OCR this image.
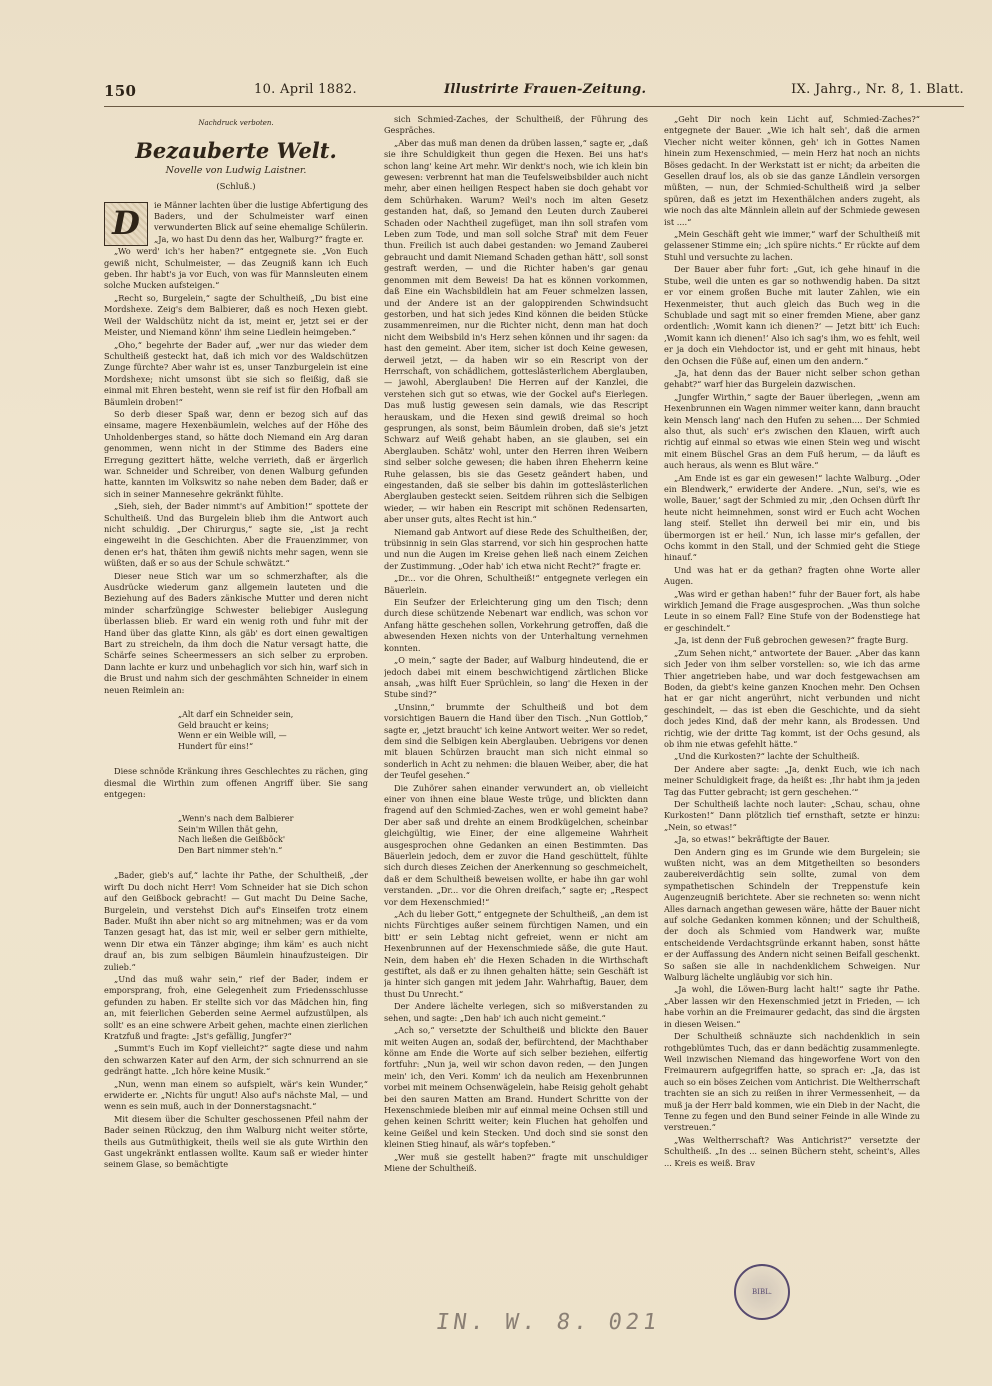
150	10. April 1882.	Illustrirte Frauen-Zeitung.	IX. Jahrg., Nr. 8, 1. Blatt.
Nachdruck verboten.
Bezauberte Welt.
Novelle von Ludwig Laistner.
(Schluß.)
D	ie Männer lachten über die lustige Abfertigung des Baders, und der Schulmeister warf einen verwunderten Blick auf seine ehemalige Schülerin. „Ja, wo hast Du denn das her, Walburg?“ fragte er.

„Wo werd' ich's her haben?“ entgegnete sie. „Von Euch gewiß nicht, Schulmeister, — das Zeugniß kann ich Euch geben. Ihr habt's ja vor Euch, von was für Mannsleuten einem solche Mucken aufsteigen.“

„Recht so, Burgelein,“ sagte der Schultheiß, „Du bist eine Mordshexe. Zeig's dem Balbierer, daß es noch Hexen giebt. Weil der Waldschütz nicht da ist, meint er, jetzt sei er der Meister, und Niemand könn' ihm seine Liedlein heimgeben.“

„Oho,“ begehrte der Bader auf, „wer nur das wieder dem Schultheiß gesteckt hat, daß ich mich vor des Waldschützen Zunge fürchte? Aber wahr ist es, unser Tanzburgelein ist eine Mordshexe; nicht umsonst übt sie sich so fleißig, daß sie einmal mit Ehren besteht, wenn sie reif ist für den Hofball am Bäumlein droben!“

So derb dieser Spaß war, denn er bezog sich auf das einsame, magere Hexenbäumlein, welches auf der Höhe des Unholdenberges stand, so hätte doch Niemand ein Arg daran genommen, wenn nicht in der Stimme des Baders eine Erregung gezittert hätte, welche verrieth, daß er ärgerlich war. Schneider und Schreiber, von denen Walburg gefunden hatte, kannten im Volkswitz so nahe neben dem Bader, daß er sich in seiner Mannesehre gekränkt fühlte.

„Sieh, sieh, der Bader nimmt's auf Ambition!“ spottete der Schultheiß. Und das Burgelein blieb ihm die Antwort auch nicht schuldig. „Der Chirurgus,“ sagte sie, „ist ja recht eingeweiht in die Geschichten. Aber die Frauenzimmer, von denen er's hat, thäten ihm gewiß nichts mehr sagen, wenn sie wüßten, daß er so aus der Schule schwätzt.“

Dieser neue Stich war um so schmerzhafter, als die Ausdrücke wiederum ganz allgemein lauteten und die Beziehung auf des Baders zänkische Mutter und deren nicht minder scharfzüngige Schwester beliebiger Auslegung überlassen blieb. Er ward ein wenig roth und fuhr mit der Hand über das glatte Kinn, als gäb' es dort einen gewaltigen Bart zu streicheln, da ihm doch die Natur versagt hatte, die Schärfe seines Scheermessers an sich selber zu erproben. Dann lachte er kurz und unbehaglich vor sich hin, warf sich in die Brust und nahm sich der geschmähten Schneider in einem neuen Reimlein an:

„Alt darf ein Schneider sein,
Geld braucht er keins;
Wenn er ein Weible will, —
Hundert für eins!“

Diese schnöde Kränkung ihres Geschlechtes zu rächen, ging diesmal die Wirthin zum offenen Angriff über. Sie sang entgegen:

„Wenn's nach dem Balbierer
Sein'm Willen thät gehn,
Nach ließen die Geißböck'
Den Bart nimmer steh'n.“

„Bader, gieb's auf,“ lachte ihr Pathe, der Schultheiß, „der wirft Du doch nicht Herr! Vom Schneider hat sie Dich schon auf den Geißbock gebracht! — Gut macht Du Deine Sache, Burgelein, und verstehst Dich auf's Einseifen trotz einem Bader. Mußt ihn aber nicht so arg mitnehmen; was er da vom Tanzen gesagt hat, das ist mir, weil er selber gern mithielte, wenn Dir etwa ein Tänzer abginge; ihm käm' es auch nicht drauf an, bis zum selbigen Bäumlein hinaufzusteigen. Dir zulieb.“

„Und das muß wahr sein,“ rief der Bader, indem er emporsprang, froh, eine Gelegenheit zum Friedensschlusse gefunden zu haben. Er stellte sich vor das Mädchen hin, fing an, mit feierlichen Geberden seine Aermel aufzustülpen, als sollt' es an eine schwere Arbeit gehen, machte einen zierlichen Kratzfuß und fragte: „Jst's gefällig, Jungfer?“

„Summt's Euch im Kopf vielleicht?“ sagte diese und nahm den schwarzen Kater auf den Arm, der sich schnurrend an sie gedrängt hatte. „Ich höre keine Musik.“

„Nun, wenn man einem so aufspielt, wär's kein Wunder,“ erwiderte er. „Nichts für ungut! Also auf's nächste Mal, — und wenn es sein muß, auch in der Donnerstagsnacht.“

Mit diesem über die Schulter geschossenen Pfeil nahm der Bader seinen Rückzug, den ihm Walburg nicht weiter störte, theils aus Gutmüthigkeit, theils weil sie als gute Wirthin den Gast ungekränkt entlassen wollte. Kaum saß er wieder hinter seinem Glase, so bemächtigte

sich Schmied-Zaches, der Schultheiß, der Führung des Gespräches.

„Aber das muß man denen da drüben lassen,“ sagte er, „daß sie ihre Schuldigkeit thun gegen die Hexen. Bei uns hat's schon lang' keine Art mehr. Wir denkt's noch, wie ich klein bin gewesen: verbrennt hat man die Teufelsweibsbilder auch nicht mehr, aber einen heiligen Respect haben sie doch gehabt vor dem Schürhaken. Warum? Weil's noch im alten Gesetz gestanden hat, daß, so Jemand den Leuten durch Zauberei Schaden oder Nachtheil zugefüget, man ihn soll strafen vom Leben zum Tode, und man soll solche Straf' mit dem Feuer thun. Freilich ist auch dabei gestanden: wo Jemand Zauberei gebraucht und damit Niemand Schaden gethan hätt', soll sonst gestraft werden, — und die Richter haben's gar genau genommen mit dem Beweis! Da hat es können vorkommen, daß Eine ein Wachsbildlein hat am Feuer schmelzen lassen, und der Andere ist an der galoppirenden Schwindsucht gestorben, und hat sich jedes Kind können die beiden Stücke zusammenreimen, nur die Richter nicht, denn man hat doch nicht dem Weibsbild in's Herz sehen können und ihr sagen: da hast den gemeint. Aber item, sicher ist doch Keine gewesen, derweil jetzt, — da haben wir so ein Rescript von der Herrschaft, von schädlichem, gotteslästerlichem Aberglauben, — jawohl, Aberglauben! Die Herren auf der Kanzlei, die verstehen sich gut so etwas, wie der Gockel auf's Eierlegen. Das muß lustig gewesen sein damals, wie das Rescript herauskam, und die Hexen sind gewiß dreimal so hoch gesprungen, als sonst, beim Bäumlein droben, daß sie's jetzt Schwarz auf Weiß gehabt haben, an sie glauben, sei ein Aberglauben. Schätz' wohl, unter den Herren ihren Weibern sind selber solche gewesen; die haben ihren Eheherrn keine Ruhe gelassen, bis sie das Gesetz geändert haben, und eingestanden, daß sie selber bis dahin im gotteslästerlichen Aberglauben gesteckt seien. Seitdem rühren sich die Selbigen wieder, — wir haben ein Rescript mit schönen Redensarten, aber unser guts, altes Recht ist hin.“

Niemand gab Antwort auf diese Rede des Schultheißen, der, trübsinnig in sein Glas starrend, vor sich hin gesprochen hatte und nun die Augen im Kreise gehen ließ nach einem Zeichen der Zustimmung. „Oder hab' ich etwa nicht Recht?“ fragte er.

„Dr... vor die Ohren, Schultheiß!“ entgegnete verlegen ein Bäuerlein.

Ein Seufzer der Erleichterung ging um den Tisch; denn durch diese schützende Nebenart war endlich, was schon vor Anfang hätte geschehen sollen, Vorkehrung getroffen, daß die abwesenden Hexen nichts von der Unterhaltung vernehmen konnten.

„O mein,“ sagte der Bader, auf Walburg hindeutend, die er jedoch dabei mit einem beschwichtigend zärtlichen Blicke ansah, „was hilft Euer Sprüchlein, so lang' die Hexen in der Stube sind?“

„Unsinn,“ brummte der Schultheiß und bot dem vorsichtigen Bauern die Hand über den Tisch. „Nun Gottlob,“ sagte er, „jetzt braucht' ich keine Antwort weiter. Wer so redet, dem sind die Selbigen kein Aberglauben. Uebrigens vor denen mit blauen Schürzen braucht man sich nicht einmal so sonderlich in Acht zu nehmen: die blauen Weiber, aber, die hat der Teufel gesehen.“

Die Zuhörer sahen einander verwundert an, ob vielleicht einer von ihnen eine blaue Weste trüge, und blickten dann fragend auf den Schmied-Zaches, wen er wohl gemeint habe? Der aber saß und drehte an einem Brodkügelchen, scheinbar gleichgültig, wie Einer, der eine allgemeine Wahrheit ausgesprochen ohne Gedanken an einen Bestimmten. Das Bäuerlein jedoch, dem er zuvor die Hand geschüttelt, fühlte sich durch dieses Zeichen der Anerkennung so geschmeichelt, daß er dem Schultheiß beweisen wollte, er habe ihn gar wohl verstanden. „Dr... vor die Ohren dreifach,“ sagte er; „Respect vor dem Hexenschmied!“

„Ach du lieber Gott,“ entgegnete der Schultheiß, „an dem ist nichts Fürchtiges außer seinem fürchtigen Namen, und ein bitt' er sein Lebtag nicht gefreiet, wenn er nicht am Hexenbrunnen auf der Hexenschmiede säße, die gute Haut. Nein, dem haben eh' die Hexen Schaden in die Wirthschaft gestiftet, als daß er zu ihnen gehalten hätte; sein Geschäft ist ja hinter sich gangen mit jedem Jahr. Wahrhaftig, Bauer, dem thust Du Unrecht.“

Der Andere lächelte verlegen, sich so mißverstanden zu sehen, und sagte: „Den hab' ich auch nicht gemeint.“

„Ach so,“ versetzte der Schultheiß und blickte den Bauer mit weiten Augen an, sodaß der, befürchtend, der Machthaber könne am Ende die Worte auf sich selber beziehen, eilfertig fortfuhr: „Nun ja, weil wir schon davon reden, — den Jungen mein' ich, den Veri. Komm' ich da neulich am Hexenbrunnen vorbei mit meinem Ochsenwägelein, habe Reisig geholt gehabt bei den sauren Matten am Brand. Hundert Schritte von der Hexenschmiede bleiben mir auf einmal meine Ochsen still und gehen keinen Schritt weiter; kein Fluchen hat geholfen und keine Geißel und kein Stecken. Und doch sind sie sonst den kleinen Stieg hinauf, als wär's topfeben.“

„Wer muß sie gestellt haben?“ fragte mit unschuldiger Miene der Schultheiß.

„Geht Dir noch kein Licht auf, Schmied-Zaches?“ entgegnete der Bauer. „Wie ich halt seh', daß die armen Viecher nicht weiter können, geh' ich in Gottes Namen hinein zum Hexenschmied, — mein Herz hat noch an nichts Böses gedacht. In der Werkstatt ist er nicht; da arbeiten die Gesellen drauf los, als ob sie das ganze Ländlein versorgen müßten, — nun, der Schmied-Schultheiß wird ja selber spüren, daß es jetzt im Hexenthälchen anders zugeht, als wie noch das alte Männlein allein auf der Schmiede gewesen ist ....“

„Mein Geschäft geht wie immer,“ warf der Schultheiß mit gelassener Stimme ein; „ich spüre nichts.“ Er rückte auf dem Stuhl und versuchte zu lachen.

Der Bauer aber fuhr fort: „Gut, ich gehe hinauf in die Stube, weil die unten es gar so nothwendig haben. Da sitzt er vor einem großen Buche mit lauter Zahlen, wie ein Hexenmeister, thut auch gleich das Buch weg in die Schublade und sagt mit so einer fremden Miene, aber ganz ordentlich: ‚Womit kann ich dienen?‘ — Jetzt bitt' ich Euch: ‚Womit kann ich dienen!‘ Also ich sag's ihm, wo es fehlt, weil er ja doch ein Viehdoctor ist, und er geht mit hinaus, hebt den Ochsen die Füße auf, einen um den andern.“

„Ja, hat denn das der Bauer nicht selber schon gethan gehabt?“ warf hier das Burgelein dazwischen.

„Jungfer Wirthin,“ sagte der Bauer überlegen, „wenn am Hexenbrunnen ein Wagen nimmer weiter kann, dann braucht kein Mensch lang' nach den Hufen zu sehen.... Der Schmied also thut, als such' er's zwischen den Klauen, wirft auch richtig auf einmal so etwas wie einen Stein weg und wischt mit einem Büschel Gras an dem Fuß herum, — da läuft es auch heraus, als wenn es Blut wäre.“

„Am Ende ist es gar ein gewesen!“ lachte Walburg. „Oder ein Blendwerk,“ erwiderte der Andere. „Nun, sei's, wie es wolle, Bauer,‘ sagt der Schmied zu mir, ‚den Ochsen dürft Ihr heute nicht heimnehmen, sonst wird er Euch acht Wochen lang steif. Stellet ihn derweil bei mir ein, und bis übermorgen ist er heil.‘ Nun, ich lasse mir's gefallen, der Ochs kommt in den Stall, und der Schmied geht die Stiege hinauf.“

Und was hat er da gethan? fragten ohne Worte aller Augen.

„Was wird er gethan haben!“ fuhr der Bauer fort, als habe wirklich Jemand die Frage ausgesprochen. „Was thun solche Leute in so einem Fall? Eine Stufe von der Bodenstiege hat er geschindelt.“

„Ja, ist denn der Fuß gebrochen gewesen?“ fragte Burg.

„Zum Sehen nicht,“ antwortete der Bauer. „Aber das kann sich Jeder von ihm selber vorstellen: so, wie ich das arme Thier angetrieben habe, und war doch festgewachsen am Boden, da giebt's keine ganzen Knochen mehr. Den Ochsen hat er gar nicht angerührt, nicht verbunden und nicht geschindelt, — das ist eben die Geschichte, und da sieht doch jedes Kind, daß der mehr kann, als Brodessen. Und richtig, wie der dritte Tag kommt, ist der Ochs gesund, als ob ihm nie etwas gefehlt hätte.“

„Und die Kurkosten?“ lachte der Schultheiß.

Der Andere aber sagte: „Ja, denkt Euch, wie ich nach meiner Schuldigkeit frage, da heißt es: ‚Ihr habt ihm ja jeden Tag das Futter gebracht; ist gern geschehen.‘“

Der Schultheiß lachte noch lauter: „Schau, schau, ohne Kurkosten!“ Dann plötzlich tief ernsthaft, setzte er hinzu: „Nein, so etwas!“

„Ja, so etwas!“ bekräftigte der Bauer.

Den Andern ging es im Grunde wie dem Burgelein; sie wußten nicht, was an dem Mitgetheilten so besonders zaubereiverdächtig sein sollte, zumal von dem sympathetischen Schindeln der Treppenstufe kein Augenzeugniß berichtete. Aber sie rechneten so: wenn nicht Alles darnach angethan gewesen wäre, hätte der Bauer nicht auf solche Gedanken kommen können; und der Schultheiß, der doch als Schmied vom Handwerk war, mußte entscheidende Verdachtsgründe erkannt haben, sonst hätte er der Auffassung des Andern nicht seinen Beifall geschenkt. So saßen sie alle in nachdenklichem Schweigen. Nur Walburg lächelte ungläubig vor sich hin.

„Ja wohl, die Löwen-Burg lacht halt!“ sagte ihr Pathe. „Aber lassen wir den Hexenschmied jetzt in Frieden, — ich habe vorhin an die Freimaurer gedacht, das sind die ärgsten in diesen Weisen.“

Der Schultheiß schnäuzte sich nachdenklich in sein rothgeblümtes Tuch, das er dann bedächtig zusammenlegte. Weil inzwischen Niemand das hingeworfene Wort von den Freimaurern aufgegriffen hatte, so sprach er: „Ja, das ist auch so ein böses Zeichen vom Antichrist. Die Weltherrschaft trachten sie an sich zu reißen in ihrer Vermessenheit, — da muß ja der Herr bald kommen, wie ein Dieb in der Nacht, die Tenne zu fegen und den Bund seiner Feinde in alle Winde zu verstreuen.“

„Was Weltherrschaft? Was Antichrist?“ versetzte der Schultheiß. „In des ... seinen Büchern steht, scheint's, Alles ... Kreis es weiß. Brav

BIBL.
IN. W. 8. 021
